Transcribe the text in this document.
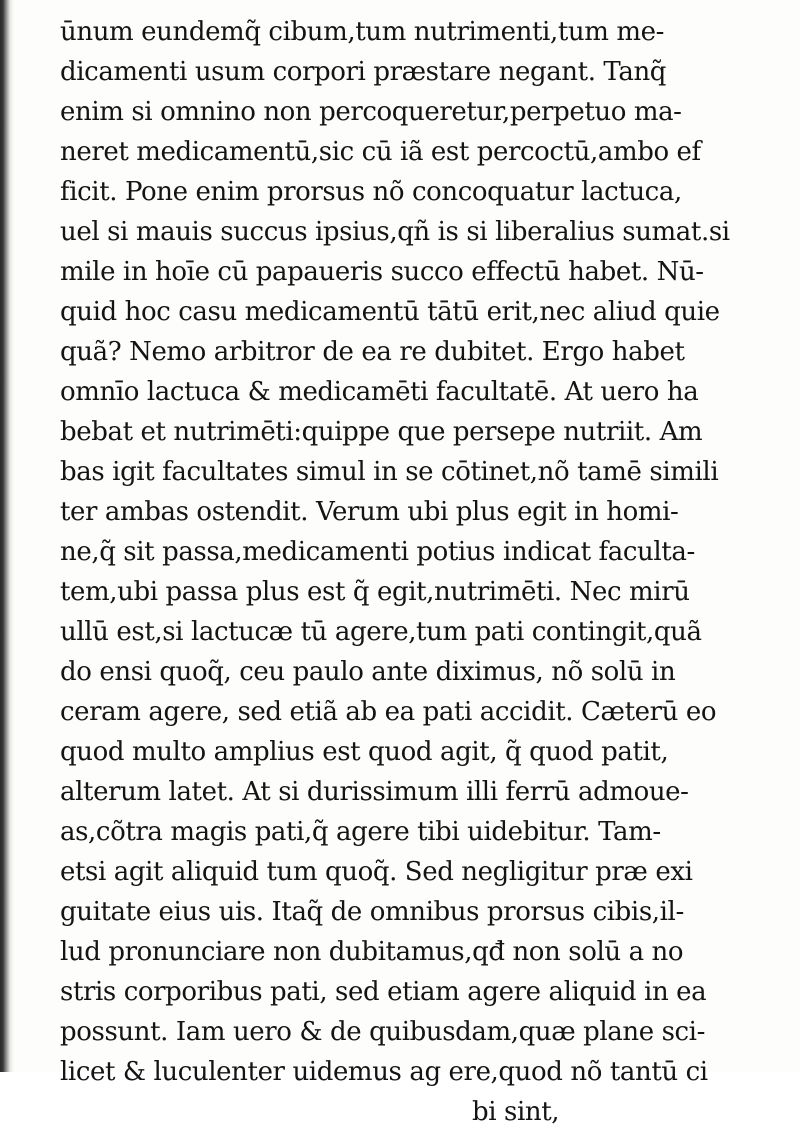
ūnum eundemq̃ cibum,tum nutrimenti,tum me‑
dicamenti usum corpori præstare negant. Tanq̃
enim si omnino non percoqueretur,perpetuo ma‑
neret medicamentū,sic cū iã est percoctū,ambo ef
ficit. Pone enim prorsus nõ concoquatur lactuca,
uel si mauis succus ipsius,qñ is si liberalius sumat.si
mile in hoīe cū papaueris succo effectū habet. Nū‑
quid hoc casu medicamentū tātū erit,nec aliud quie
quã? Nemo arbitror de ea re dubitet. Ergo habet
omnīo lactuca & medicamēti facultatē. At uero ha
bebat et nutrimēti:quippe que persepe nutriit. Am
bas igit facultates simul in se cōtinet,nõ tamē simili
ter ambas ostendit. Verum ubi plus egit in homi‑
ne,q̃ sit passa,medicamenti potius indicat faculta‑
tem,ubi passa plus est q̃ egit,nutrimēti. Nec mirū
ullū est,si lactucæ tū agere,tum pati contingit,quã
do ensi quoq̃, ceu paulo ante diximus, nõ solū in
ceram agere, sed etiã ab ea pati accidit. Cæterū eo
quod multo amplius est quod agit, q̃ quod patit,
alterum latet. At si durissimum illi ferrū admoue‑
as,cõtra magis pati,q̃ agere tibi uidebitur. Tam‑
etsi agit aliquid tum quoq̃. Sed negligitur præ exi
guitate eius uis. Itaq̃ de omnibus prorsus cibis,il‑
lud pronunciare non dubitamus,qđ non solū a no
stris corporibus pati, sed etiam agere aliquid in ea
possunt. Iam uero & de quibusdam,quæ plane sci‑
licet & luculenter uidemus ag ere,quod nõ tantū ci
bi sint,
